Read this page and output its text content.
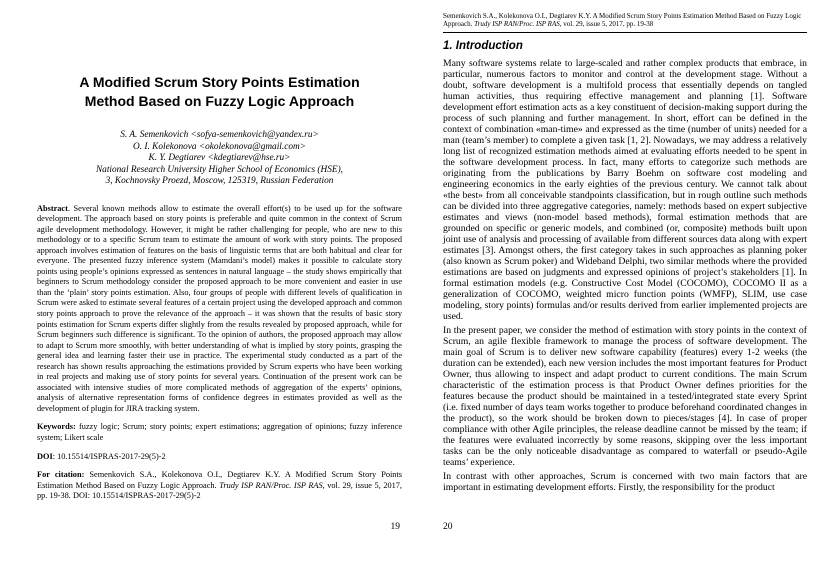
A Modified Scrum Story Points Estimation
Method Based on Fuzzy Logic Approach
S. A. Semenkovich <sofya-semenkovich@yandex.ru>
O. I. Kolekonova <okolekonova@gmail.com>
K. Y. Degtiarev <kdegtiarev@hse.ru>
National Research University Higher School of Economics (HSE),
3, Kochnovsky Proezd, Moscow, 125319, Russian Federation

Abstract. Several known methods allow to estimate the overall effort(s) to be used up for the software development. The approach based on story points is preferable and quite common in the context of Scrum agile development methodology. However, it might be rather challenging for people, who are new to this methodology or to a specific Scrum team to estimate the amount of work with story points. The proposed approach involves estimation of features on the basis of linguistic terms that are both habitual and clear for everyone. The presented fuzzy inference system (Mamdani’s model) makes it possible to calculate story points using people’s opinions expressed as sentences in natural language – the study shows empirically that beginners to Scrum methodology consider the proposed approach to be more convenient and easier in use than the ‘plain’ story points estimation. Also, four groups of people with different levels of qualification in Scrum were asked to estimate several features of a certain project using the developed approach and common story points approach to prove the relevance of the approach – it was shown that the results of basic story points estimation for Scrum experts differ slightly from the results revealed by proposed approach, while for Scrum beginners such difference is significant. To the opinion of authors, the proposed approach may allow to adapt to Scrum more smoothly, with better understanding of what is implied by story points, grasping the general idea and learning faster their use in practice. The experimental study conducted as a part of the research has shown results approaching the estimations provided by Scrum experts who have been working in real projects and making use of story points for several years. Continuation of the present work can be associated with intensive studies of more complicated methods of aggregation of the experts’ opinions, analysis of alternative representation forms of confidence degrees in estimates provided as well as the development of plugin for JIRA tracking system.

Keywords: fuzzy logic; Scrum; story points; expert estimations; aggregation of opinions; fuzzy inference system; Likert scale

DOI: 10.15514/ISPRAS-2017-29(5)-2

For citation: Semenkovich S.A., Kolekonova O.I., Degtiarev K.Y. A Modified Scrum Story Points Estimation Method Based on Fuzzy Logic Approach. Trudy ISP RAN/Proc. ISP RAS, vol. 29, issue 5, 2017, pp. 19-38. DOI: 10.15514/ISPRAS-2017-29(5)-2

19
Semenkovich S.A., Kolekonova O.I., Degtiarev K.Y. A Modified Scrum Story Points Estimation Method Based on Fuzzy Logic Approach. Trudy ISP RAN/Proc. ISP RAS, vol. 29, issue 5, 2017, pp. 19-38
1. Introduction

Many software systems relate to large-scaled and rather complex products that embrace, in particular, numerous factors to monitor and control at the development stage. Without a doubt, software development is a multifold process that essentially depends on tangled human activities, thus requiring effective management and planning [1]. Software development effort estimation acts as a key constituent of decision-making support during the process of such planning and further management. In short, effort can be defined in the context of combination «man-time» and expressed as the time (number of units) needed for a man (team’s member) to complete a given task [1, 2]. Nowadays, we may address a relatively long list of recognized estimation methods aimed at evaluating efforts needed to be spent in the software development process. In fact, many efforts to categorize such methods are originating from the publications by Barry Boehm on software cost modeling and engineering economics in the early eighties of the previous century. We cannot talk about «the best» from all conceivable standpoints classification, but in rough outline such methods can be divided into three aggregative categories, namely: methods based on expert subjective estimates and views (non-model based methods), formal estimation methods that are grounded on specific or generic models, and combined (or, composite) methods built upon joint use of analysis and processing of available from different sources data along with expert estimates [3]. Amongst others, the first category takes in such approaches as planning poker (also known as Scrum poker) and Wideband Delphi, two similar methods where the provided estimations are based on judgments and expressed opinions of project’s stakeholders [1]. In formal estimation models (e.g. Constructive Cost Model (COCOMO), COCOMO II as a generalization of COCOMO, weighted micro function points (WMFP), SLIM, use case modeling, story points) formulas and/or results derived from earlier implemented projects are used.

In the present paper, we consider the method of estimation with story points in the context of Scrum, an agile flexible framework to manage the process of software development. The main goal of Scrum is to deliver new software capability (features) every 1-2 weeks (the duration can be extended), each new version includes the most important features for Product Owner, thus allowing to inspect and adapt product to current conditions. The main Scrum characteristic of the estimation process is that Product Owner defines priorities for the features because the product should be maintained in a tested/integrated state every Sprint (i.e. fixed number of days team works together to produce beforehand coordinated changes in the product), so the work should be broken down to pieces/stages [4]. In case of proper compliance with other Agile principles, the release deadline cannot be missed by the team; if the features were evaluated incorrectly by some reasons, skipping over the less important tasks can be the only noticeable disadvantage as compared to waterfall or pseudo-Agile teams’ experience.

In contrast with other approaches, Scrum is concerned with two main factors that are important in estimating development efforts. Firstly, the responsibility for the product

20
